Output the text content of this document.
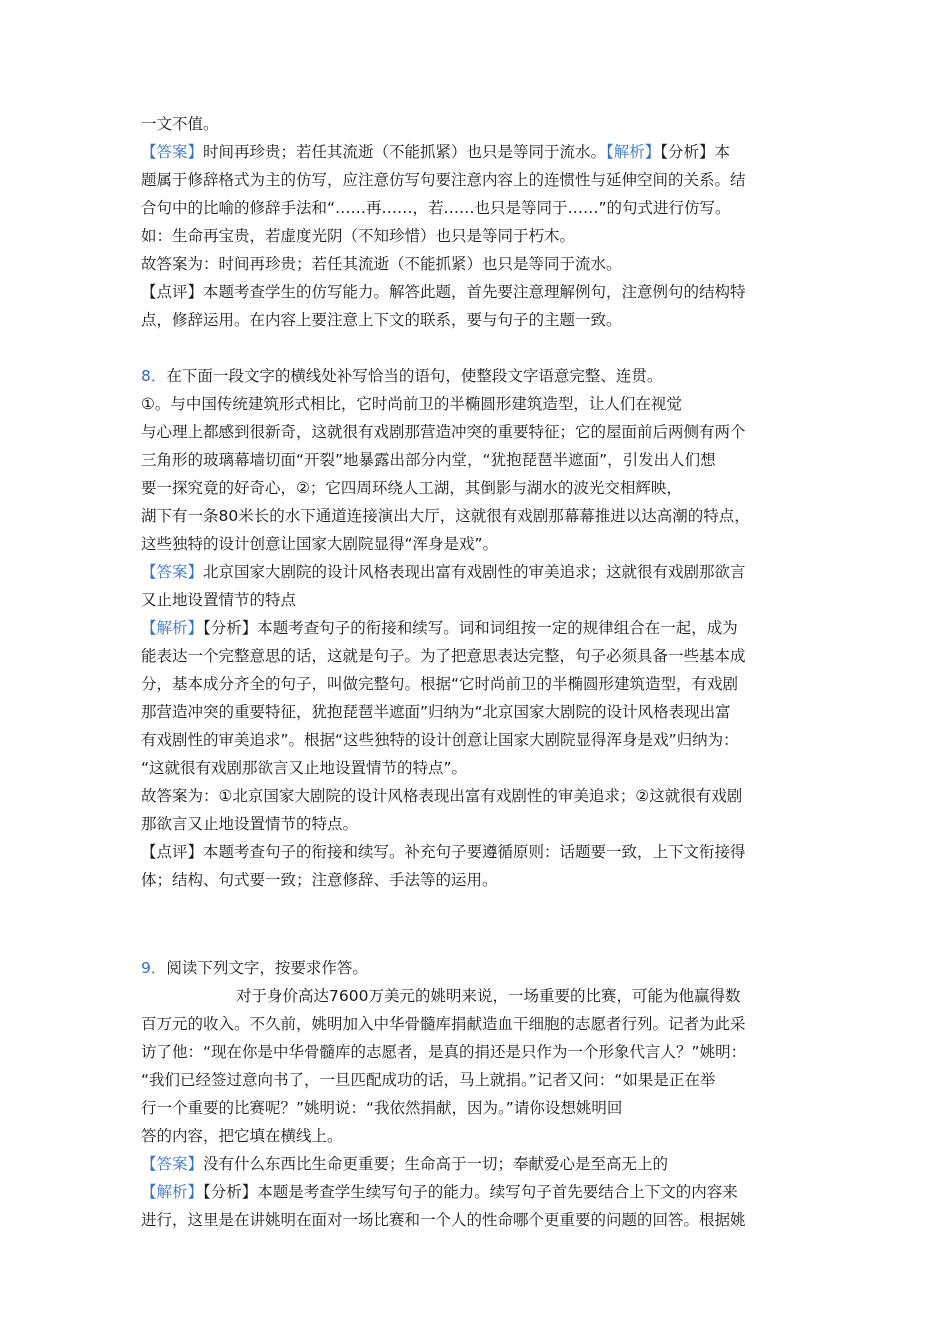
一文不值。
【答案】时间再珍贵；若任其流逝（不能抓紧）也只是等同于流水。【解析】【分析】本
题属于修辞格式为主的仿写，应注意仿写句要注意内容上的连惯性与延伸空间的关系。结
合句中的比喻的修辞手法和“……再……，若……也只是等同于……”的句式进行仿写。
如：生命再宝贵，若虚度光阴（不知珍惜）也只是等同于朽木。
故答案为：时间再珍贵；若任其流逝（不能抓紧）也只是等同于流水。
【点评】本题考查学生的仿写能力。解答此题，首先要注意理解例句，注意例句的结构特
点，修辞运用。在内容上要注意上下文的联系，要与句子的主题一致。
8．在下面一段文字的横线处补写恰当的语句，使整段文字语意完整、连贯。
①。与中国传统建筑形式相比，它时尚前卫的半椭圆形建筑造型，让人们在视觉
与心理上都感到很新奇，这就很有戏剧那营造冲突的重要特征；它的屋面前后两侧有两个
三角形的玻璃幕墙切面“开裂”地暴露出部分内堂，“犹抱琵琶半遮面”，引发出人们想
要一探究竟的好奇心，②；它四周环绕人工湖，其倒影与湖水的波光交相辉映，
湖下有一条80米长的水下通道连接演出大厅，这就很有戏剧那幕幕推进以达高潮的特点，
这些独特的设计创意让国家大剧院显得“浑身是戏”。
【答案】北京国家大剧院的设计风格表现出富有戏剧性的审美追求；这就很有戏剧那欲言
又止地设置情节的特点
【解析】【分析】本题考查句子的衔接和续写。词和词组按一定的规律组合在一起，成为
能表达一个完整意思的话，这就是句子。为了把意思表达完整，句子必须具备一些基本成
分，基本成分齐全的句子，叫做完整句。根据“它时尚前卫的半椭圆形建筑造型，有戏剧
那营造冲突的重要特征，犹抱琵琶半遮面”归纳为“北京国家大剧院的设计风格表现出富
有戏剧性的审美追求”。根据“这些独特的设计创意让国家大剧院显得浑身是戏”归纳为：
“这就很有戏剧那欲言又止地设置情节的特点”。
故答案为：①北京国家大剧院的设计风格表现出富有戏剧性的审美追求；②这就很有戏剧
那欲言又止地设置情节的特点。
【点评】本题考查句子的衔接和续写。补充句子要遵循原则：话题要一致，上下文衔接得
体；结构、句式要一致；注意修辞、手法等的运用。
9．阅读下列文字，按要求作答。
对于身价高达7600万美元的姚明来说，一场重要的比赛，可能为他赢得数
百万元的收入。不久前，姚明加入中华骨髓库捐献造血干细胞的志愿者行列。记者为此采
访了他：“现在你是中华骨髓库的志愿者，是真的捐还是只作为一个形象代言人？”姚明：
“我们已经签过意向书了，一旦匹配成功的话，马上就捐。”记者又问：“如果是正在举
行一个重要的比赛呢？”姚明说：“我依然捐献，因为。”请你设想姚明回
答的内容，把它填在横线上。
【答案】没有什么东西比生命更重要；生命高于一切；奉献爱心是至高无上的
【解析】【分析】本题是考查学生续写句子的能力。续写句子首先要结合上下文的内容来
进行，这里是在讲姚明在面对一场比赛和一个人的性命哪个更重要的问题的回答。根据姚
